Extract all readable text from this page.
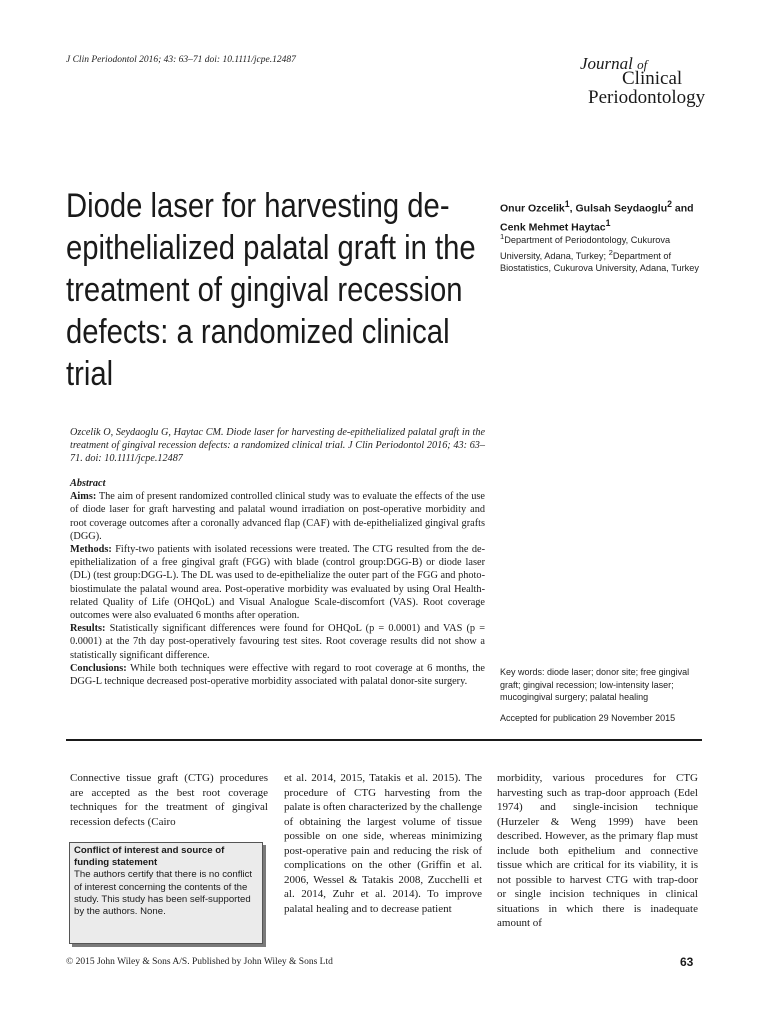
J Clin Periodontol 2016; 43: 63–71 doi: 10.1111/jcpe.12487	Journal of
Clinical
Periodontology
Diode laser for harvesting de-epithelialized palatal graft in the treatment of gingival recession defects: a randomized clinical trial
Onur Ozcelik$^1$, Gulsah Seydaoglu$^2$ and Cenk Mehmet Haytac$^1$
$^1$Department of Periodontology, Cukurova University, Adana, Turkey; $^2$Department of Biostatistics, Cukurova University, Adana, Turkey
Ozcelik O, Seydaoglu G, Haytac CM. Diode laser for harvesting de-epithelialized palatal graft in the treatment of gingival recession defects: a randomized clinical trial. J Clin Periodontol 2016; 43: 63–71. doi: 10.1111/jcpe.12487
Abstract

Aims: The aim of present randomized controlled clinical study was to evaluate the effects of the use of diode laser for graft harvesting and palatal wound irradiation on post-operative morbidity and root coverage outcomes after a coronally advanced flap (CAF) with de-epithelialized gingival grafts (DGG).

Methods: Fifty-two patients with isolated recessions were treated. The CTG resulted from the de-epithelialization of a free gingival graft (FGG) with blade (control group:DGG-B) or diode laser (DL) (test group:DGG-L). The DL was used to de-epithelialize the outer part of the FGG and photo-biostimulate the palatal wound area. Post-operative morbidity was evaluated by using Oral Health-related Quality of Life (OHQoL) and Visual Analogue Scale-discomfort (VAS). Root coverage outcomes were also evaluated 6 months after operation.

Results: Statistically significant differences were found for OHQoL (p = 0.0001) and VAS (p = 0.0001) at the 7th day post-operatively favouring test sites. Root coverage results did not show a statistically significant difference.

Conclusions: While both techniques were effective with regard to root coverage at 6 months, the DGG-L technique decreased post-operative morbidity associated with palatal donor-site surgery.

Key words: diode laser; donor site; free gingival graft; gingival recession; low-intensity laser; mucogingival surgery; palatal healing
Accepted for publication 29 November 2015
Connective tissue graft (CTG) procedures are accepted as the best root coverage techniques for the treatment of gingival recession defects (Cairo
et al. 2014, 2015, Tatakis et al. 2015). The procedure of CTG harvesting from the palate is often characterized by the challenge of obtaining the largest volume of tissue possible on one side, whereas minimizing post-operative pain and reducing the risk of complications on the other (Griffin et al. 2006, Wessel & Tatakis 2008, Zucchelli et al. 2014, Zuhr et al. 2014). To improve palatal healing and to decrease patient
morbidity, various procedures for CTG harvesting such as trap-door approach (Edel 1974) and single-incision technique (Hurzeler & Weng 1999) have been described. However, as the primary flap must include both epithelium and connective tissue which are critical for its viability, it is not possible to harvest CTG with trap-door or single incision techniques in clinical situations in which there is inadequate amount of
Conflict of interest and source of funding statement
The authors certify that there is no conflict of interest concerning the contents of the study. This study has been self-supported by the authors. None.
© 2015 John Wiley & Sons A/S. Published by John Wiley & Sons Ltd	63
